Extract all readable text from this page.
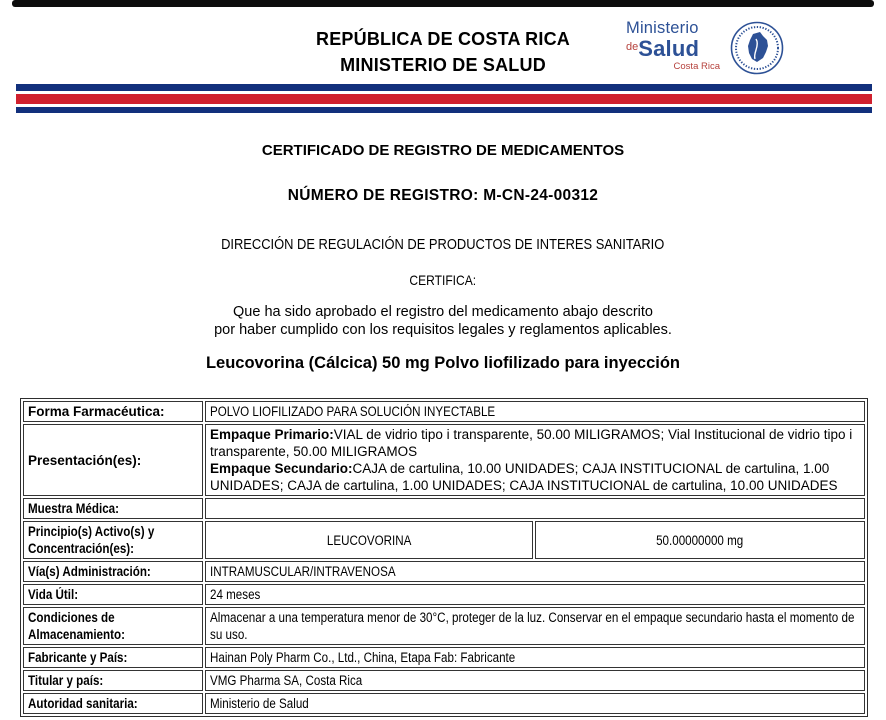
REPÚBLICA DE COSTA RICA
MINISTERIO DE SALUD
Ministerio
$^{de}$Salud
Costa Rica
CERTIFICADO DE REGISTRO DE MEDICAMENTOS
NÚMERO DE REGISTRO: M-CN-24-00312
DIRECCIÓN DE REGULACIÓN DE PRODUCTOS DE INTERES SANITARIO
CERTIFICA:
Que ha sido aprobado el registro del medicamento abajo descrito
por haber cumplido con los requisitos legales y reglamentos aplicables.
Leucovorina (Cálcica) 50 mg Polvo liofilizado para inyección
Forma Farmacéutica:	POLVO LIOFILIZADO PARA SOLUCIÓN INYECTABLE	
Presentación(es):	Empaque Primario:VIAL de vidrio tipo i transparente, 50.00 MILIGRAMOS; Vial Institucional de vidrio tipo i transparente, 50.00 MILIGRAMOS
Empaque Secundario:CAJA de cartulina, 10.00 UNIDADES; CAJA INSTITUCIONAL de cartulina, 1.00 UNIDADES; CAJA de cartulina, 1.00 UNIDADES; CAJA INSTITUCIONAL de cartulina, 10.00 UNIDADES	

Muestra Médica:		

Principio(s) Activo(s) y Concentración(es):	LEUCOVORINA	50.00000000 mg
Vía(s) Administración:	INTRAMUSCULAR/INTRAVENOSA	
Vida Útil:	24 meses	

Condiciones de Almacenamiento:	Almacenar a una temperatura menor de 30°C, proteger de la luz. Conservar en el empaque secundario hasta el momento de su uso.	

Fabricante y País:	Hainan Poly Pharm Co., Ltd., China, Etapa Fab: Fabricante	
Titular y país:	VMG Pharma SA, Costa Rica	
Autoridad sanitaria:	Ministerio de Salud	
